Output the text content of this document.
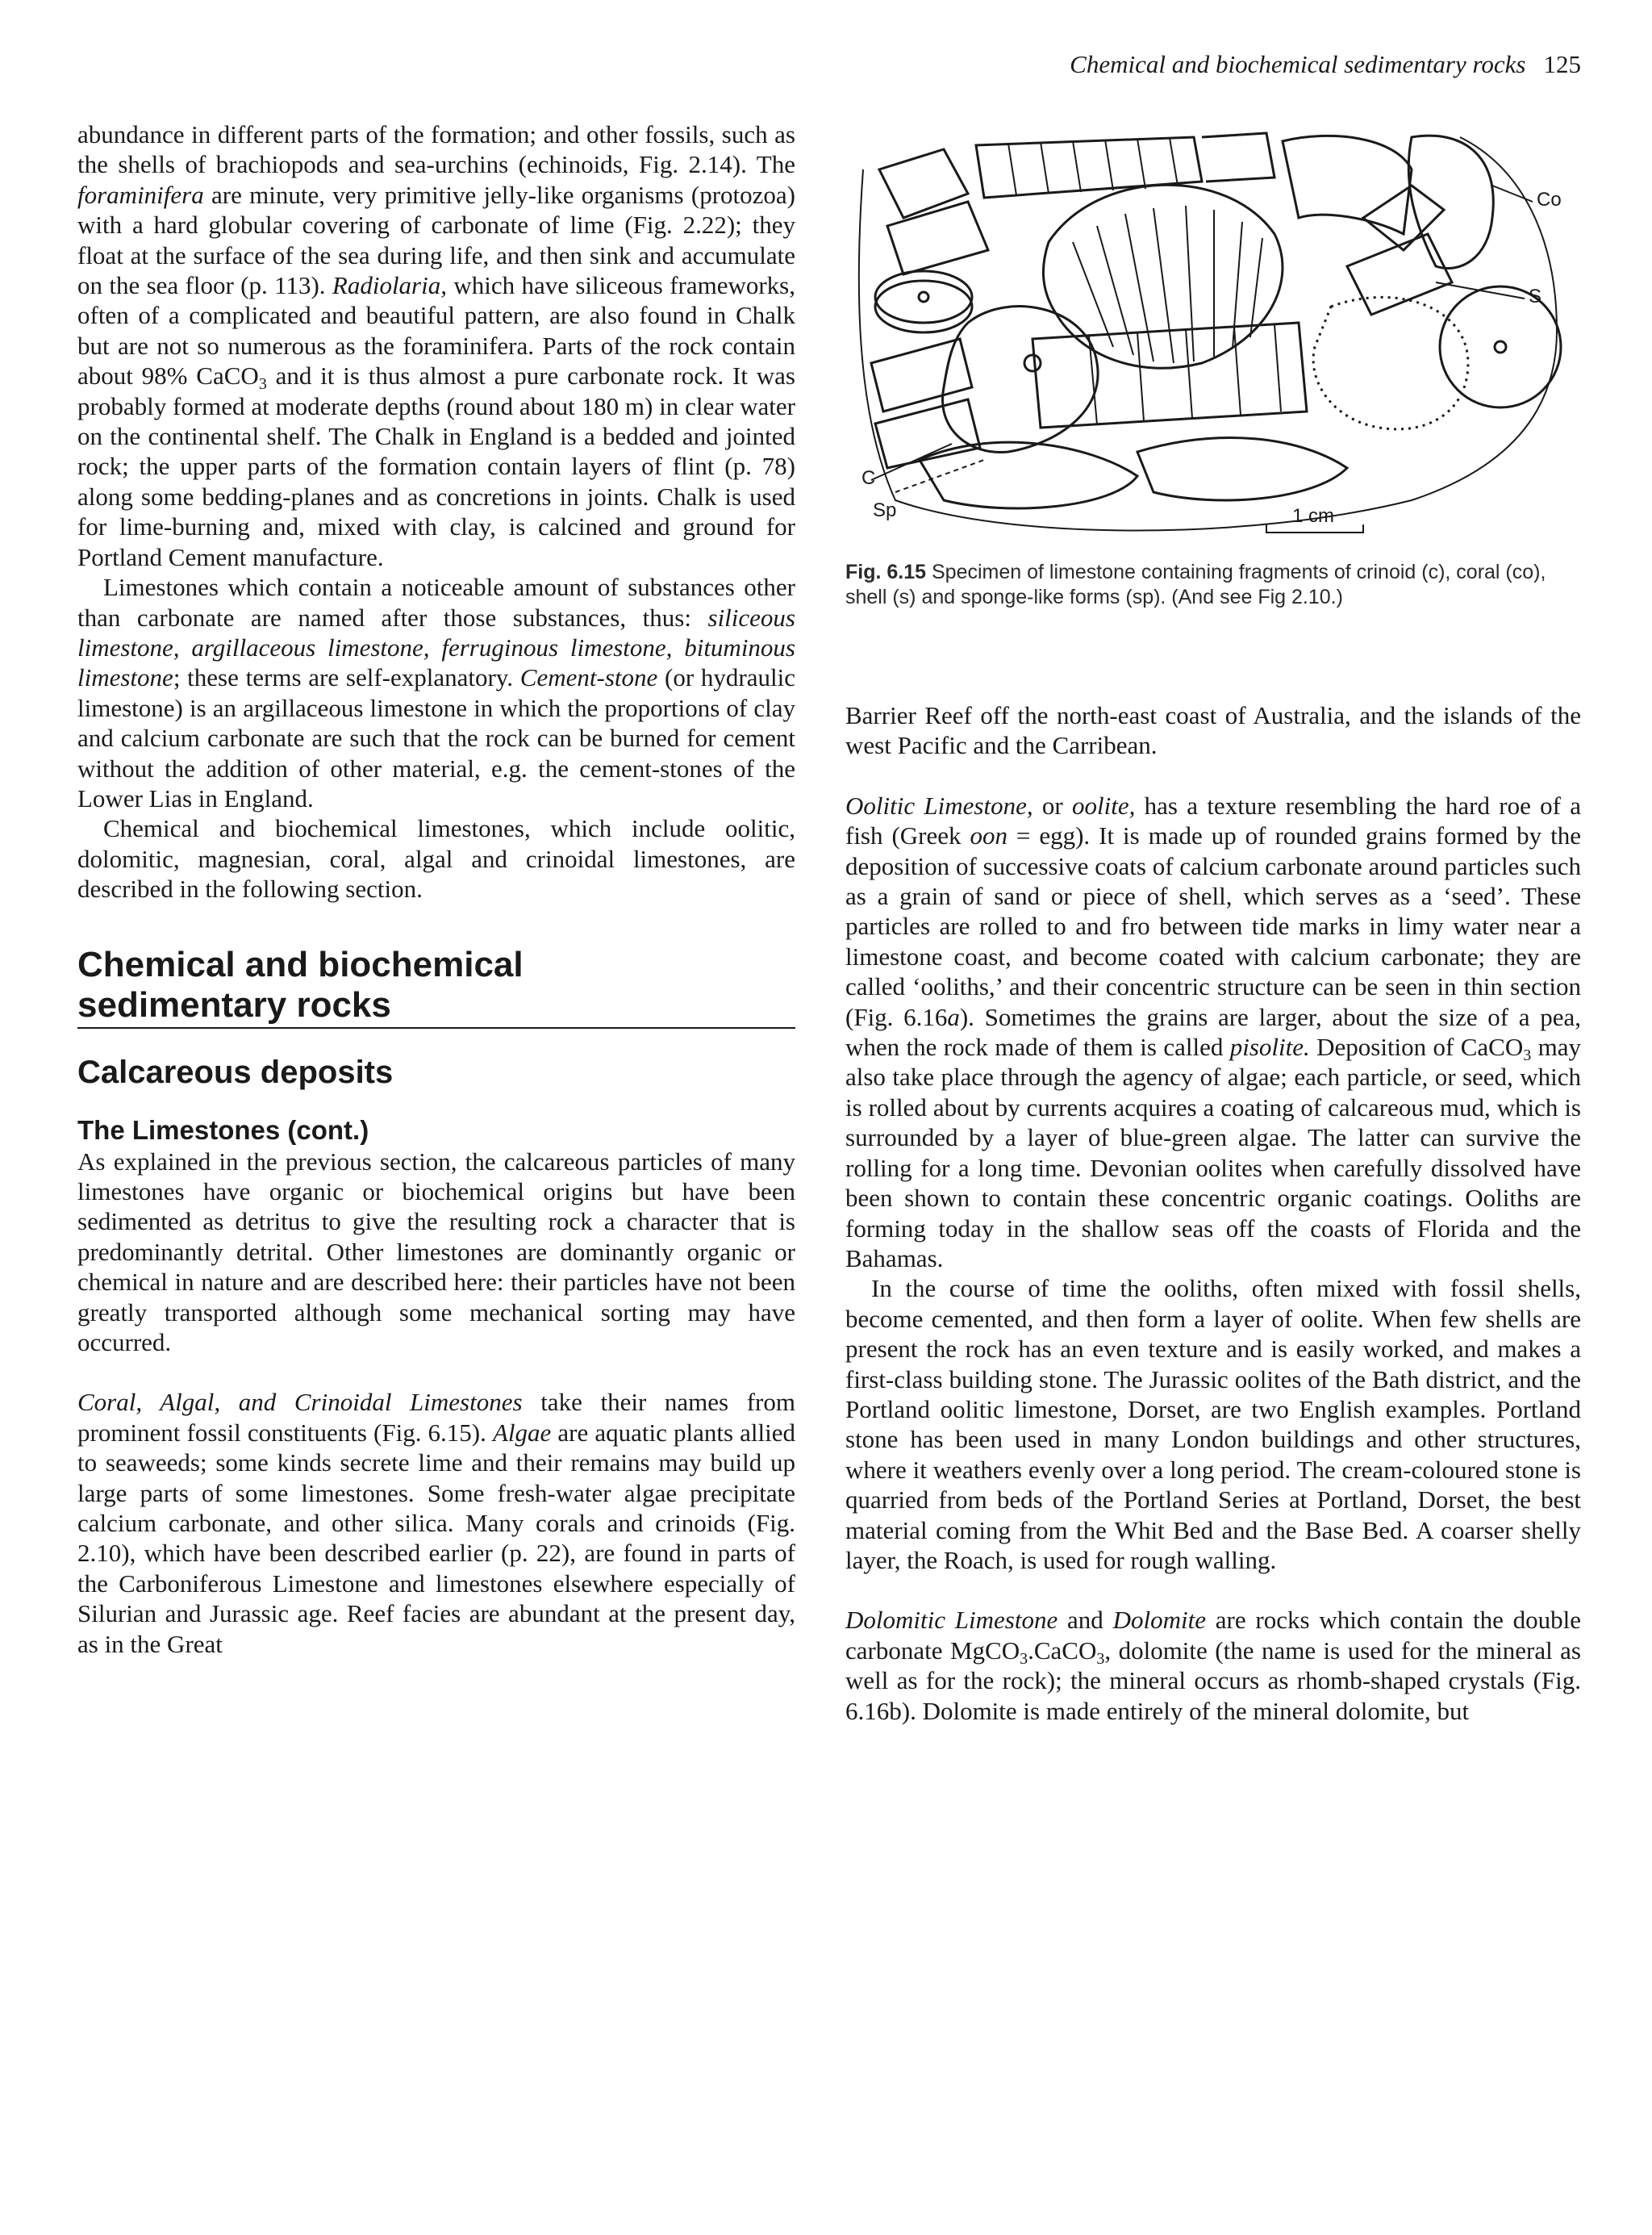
Chemical and biochemical sedimentary rocks 125

abundance in different parts of the formation; and other fossils, such as the shells of brachiopods and sea-urchins (echinoids, Fig. 2.14). The foraminifera are minute, very primitive jelly-like organisms (protozoa) with a hard globular covering of carbonate of lime (Fig. 2.22); they float at the surface of the sea during life, and then sink and accumulate on the sea floor (p. 113). Radiolaria, which have siliceous frameworks, often of a complicated and beautiful pattern, are also found in Chalk but are not so numerous as the foraminifera. Parts of the rock contain about 98% CaCO$_3$ and it is thus almost a pure carbonate rock. It was probably formed at moderate depths (round about 180 m) in clear water on the continental shelf. The Chalk in England is a bedded and jointed rock; the upper parts of the formation contain layers of flint (p. 78) along some bedding-planes and as concretions in joints. Chalk is used for lime-burning and, mixed with clay, is calcined and ground for Portland Cement manufacture.

Limestones which contain a noticeable amount of substances other than carbonate are named after those substances, thus: siliceous limestone, argillaceous limestone, ferruginous limestone, bituminous limestone; these terms are self-explanatory. Cement-stone (or hydraulic limestone) is an argillaceous limestone in which the proportions of clay and calcium carbonate are such that the rock can be burned for cement without the addition of other material, e.g. the cement-stones of the Lower Lias in England.

Chemical and biochemical limestones, which include oolitic, dolomitic, magnesian, coral, algal and crinoidal limestones, are described in the following section.

Chemical and biochemical
sedimentary rocks

Calcareous deposits

The Limestones (cont.)

As explained in the previous section, the calcareous particles of many limestones have organic or biochemical origins but have been sedimented as detritus to give the resulting rock a character that is predominantly detrital. Other limestones are dominantly organic or chemical in nature and are described here: their particles have not been greatly transported although some mechanical sorting may have occurred.

Coral, Algal, and Crinoidal Limestones take their names from prominent fossil constituents (Fig. 6.15). Algae are aquatic plants allied to seaweeds; some kinds secrete lime and their remains may build up large parts of some limestones. Some fresh-water algae precipitate calcium carbonate, and other silica. Many corals and crinoids (Fig. 2.10), which have been described earlier (p. 22), are found in parts of the Carboniferous Limestone and limestones elsewhere especially of Silurian and Jurassic age. Reef facies are abundant at the present day, as in the Great

Co
S
C
Sp	1 cm
Fig. 6.15 Specimen of limestone containing fragments of crinoid (c), coral (co), shell (s) and sponge-like forms (sp). (And see Fig 2.10.)

Barrier Reef off the north-east coast of Australia, and the islands of the west Pacific and the Carribean.

Oolitic Limestone, or oolite, has a texture resembling the hard roe of a fish (Greek oon = egg). It is made up of rounded grains formed by the deposition of successive coats of calcium carbonate around particles such as a grain of sand or piece of shell, which serves as a ‘seed’. These particles are rolled to and fro between tide marks in limy water near a limestone coast, and become coated with calcium carbonate; they are called ‘ooliths,’ and their concentric structure can be seen in thin section (Fig. 6.16a). Sometimes the grains are larger, about the size of a pea, when the rock made of them is called pisolite. Deposition of CaCO$_3$ may also take place through the agency of algae; each particle, or seed, which is rolled about by currents acquires a coating of calcareous mud, which is surrounded by a layer of blue-green algae. The latter can survive the rolling for a long time. Devonian oolites when carefully dissolved have been shown to contain these concentric organic coatings. Ooliths are forming today in the shallow seas off the coasts of Florida and the Bahamas.

In the course of time the ooliths, often mixed with fossil shells, become cemented, and then form a layer of oolite. When few shells are present the rock has an even texture and is easily worked, and makes a first-class building stone. The Jurassic oolites of the Bath district, and the Portland oolitic limestone, Dorset, are two English examples. Portland stone has been used in many London buildings and other structures, where it weathers evenly over a long period. The cream-coloured stone is quarried from beds of the Portland Series at Portland, Dorset, the best material coming from the Whit Bed and the Base Bed. A coarser shelly layer, the Roach, is used for rough walling.

Dolomitic Limestone and Dolomite are rocks which contain the double carbonate MgCO$_3$.CaCO$_3$, dolomite (the name is used for the mineral as well as for the rock); the mineral occurs as rhomb-shaped crystals (Fig. 6.16b). Dolomite is made entirely of the mineral dolomite, but
